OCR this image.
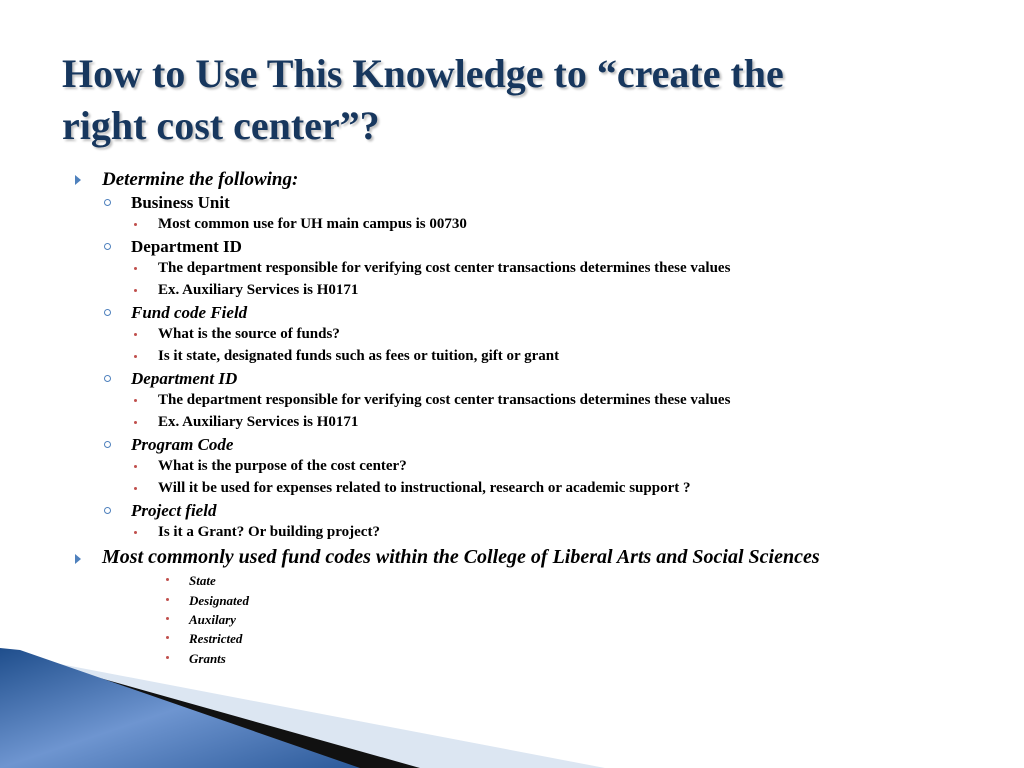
How to Use This Knowledge to “create the
right cost center”?
Determine the following:
Business Unit
Most common use for UH main campus is 00730
Department ID
The department responsible for verifying cost center transactions determines these values
Ex. Auxiliary Services is H0171
Fund code Field
What is the source of funds?
Is it state, designated funds such as fees or tuition, gift or grant
Department ID
The department responsible for verifying cost center transactions determines these values
Ex. Auxiliary Services is H0171
Program Code
What is the purpose of the cost center?
Will it be used for expenses related to instructional, research or academic support ?
Project field
Is it a Grant? Or building project?
Most commonly used fund codes within the College of Liberal Arts and Social Sciences
State
Designated
Auxilary
Restricted
Grants
